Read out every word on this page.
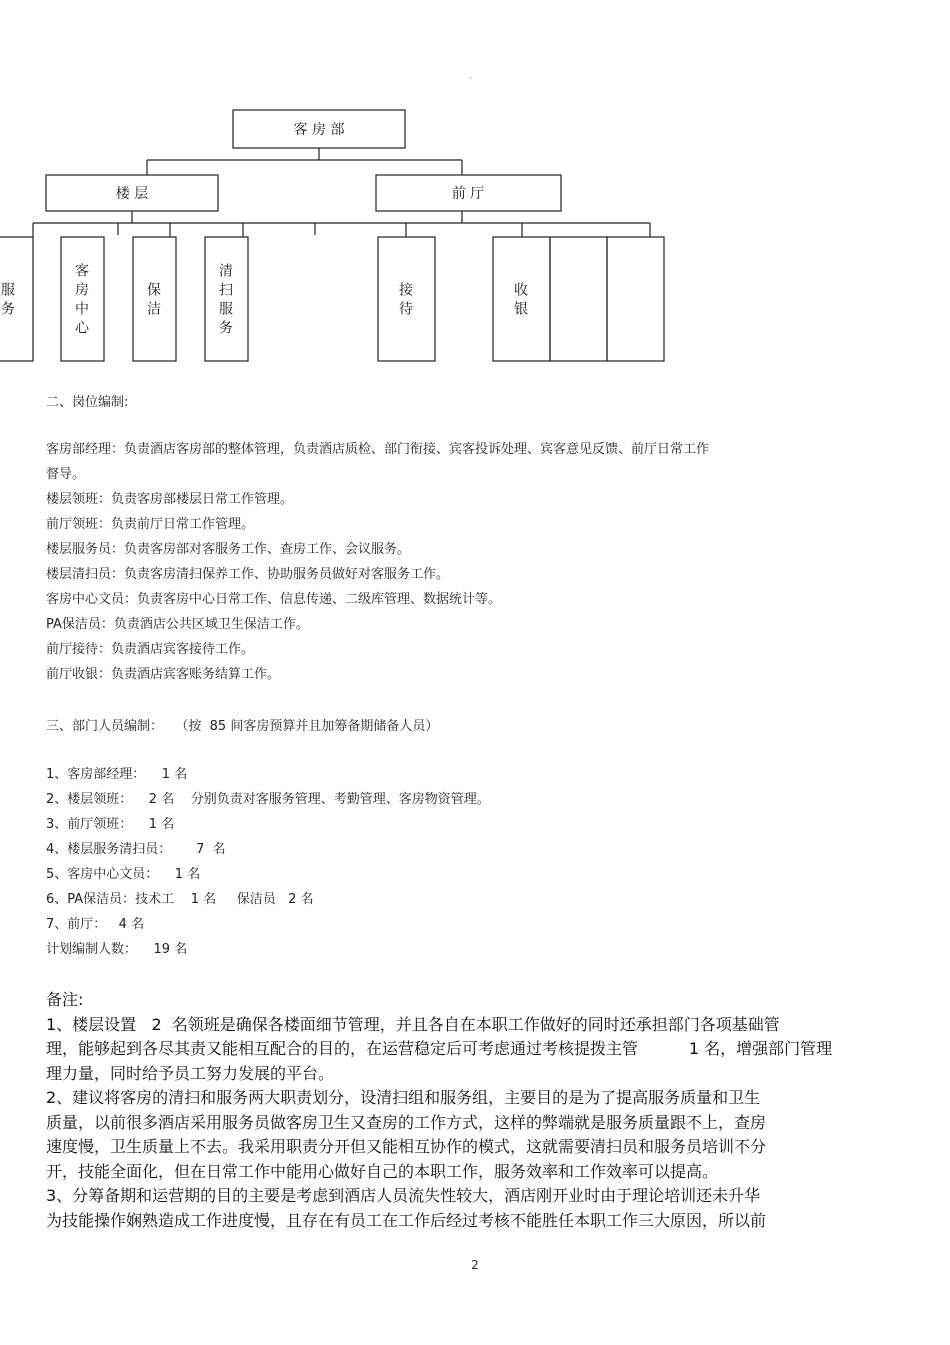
。
客 房 部
楼 层	前 厅
服
务
客
房
中
心
保
洁
清
扫
服
务
接
待
收
银
二、岗位编制:
客房部经理：负责酒店客房部的整体管理，负责酒店质检、部门衔接、宾客投诉处理、宾客意见反馈、前厅日常工作
督导。
楼层领班：负责客房部楼层日常工作管理。
前厅领班：负责前厅日常工作管理。
楼层服务员：负责客房部对客服务工作、查房工作、会议服务。
楼层清扫员：负责客房清扫保养工作、协助服务员做好对客服务工作。
客房中心文员：负责客房中心日常工作、信息传递、二级库管理、数据统计等。
PA保洁员：负责酒店公共区域卫生保洁工作。
前厅接待：负责酒店宾客接待工作。
前厅收银：负责酒店宾客账务结算工作。
三、部门人员编制：   （按  85 间客房预算并且加筹备期储备人员）
1、客房部经理：    1 名
2、楼层领班：    2 名    分别负责对客服务管理、考勤管理、客房物资管理。
3、前厅领班：    1 名
4、楼层服务清扫员：      7  名
5、客房中心文员：    1 名
6、PA保洁员：技术工    1 名     保洁员   2 名
7、前厅：   4 名
计划编制人数：    19 名
备注:
1、楼层设置   2  名领班是确保各楼面细节管理，并且各自在本职工作做好的同时还承担部门各项基础管
理，能够起到各尽其责又能相互配合的目的，在运营稳定后可考虑通过考核提拨主管          1 名，增强部门管理
理力量，同时给予员工努力发展的平台。
2、建议将客房的清扫和服务两大职责划分，设清扫组和服务组，主要目的是为了提高服务质量和卫生
质量，以前很多酒店采用服务员做客房卫生又查房的工作方式，这样的弊端就是服务质量跟不上，查房
速度慢，卫生质量上不去。我采用职责分开但又能相互协作的模式，这就需要清扫员和服务员培训不分
开，技能全面化，但在日常工作中能用心做好自己的本职工作，服务效率和工作效率可以提高。
3、分筹备期和运营期的目的主要是考虑到酒店人员流失性较大，酒店刚开业时由于理论培训还未升华
为技能操作娴熟造成工作进度慢，且存在有员工在工作后经过考核不能胜任本职工作三大原因，所以前
2
